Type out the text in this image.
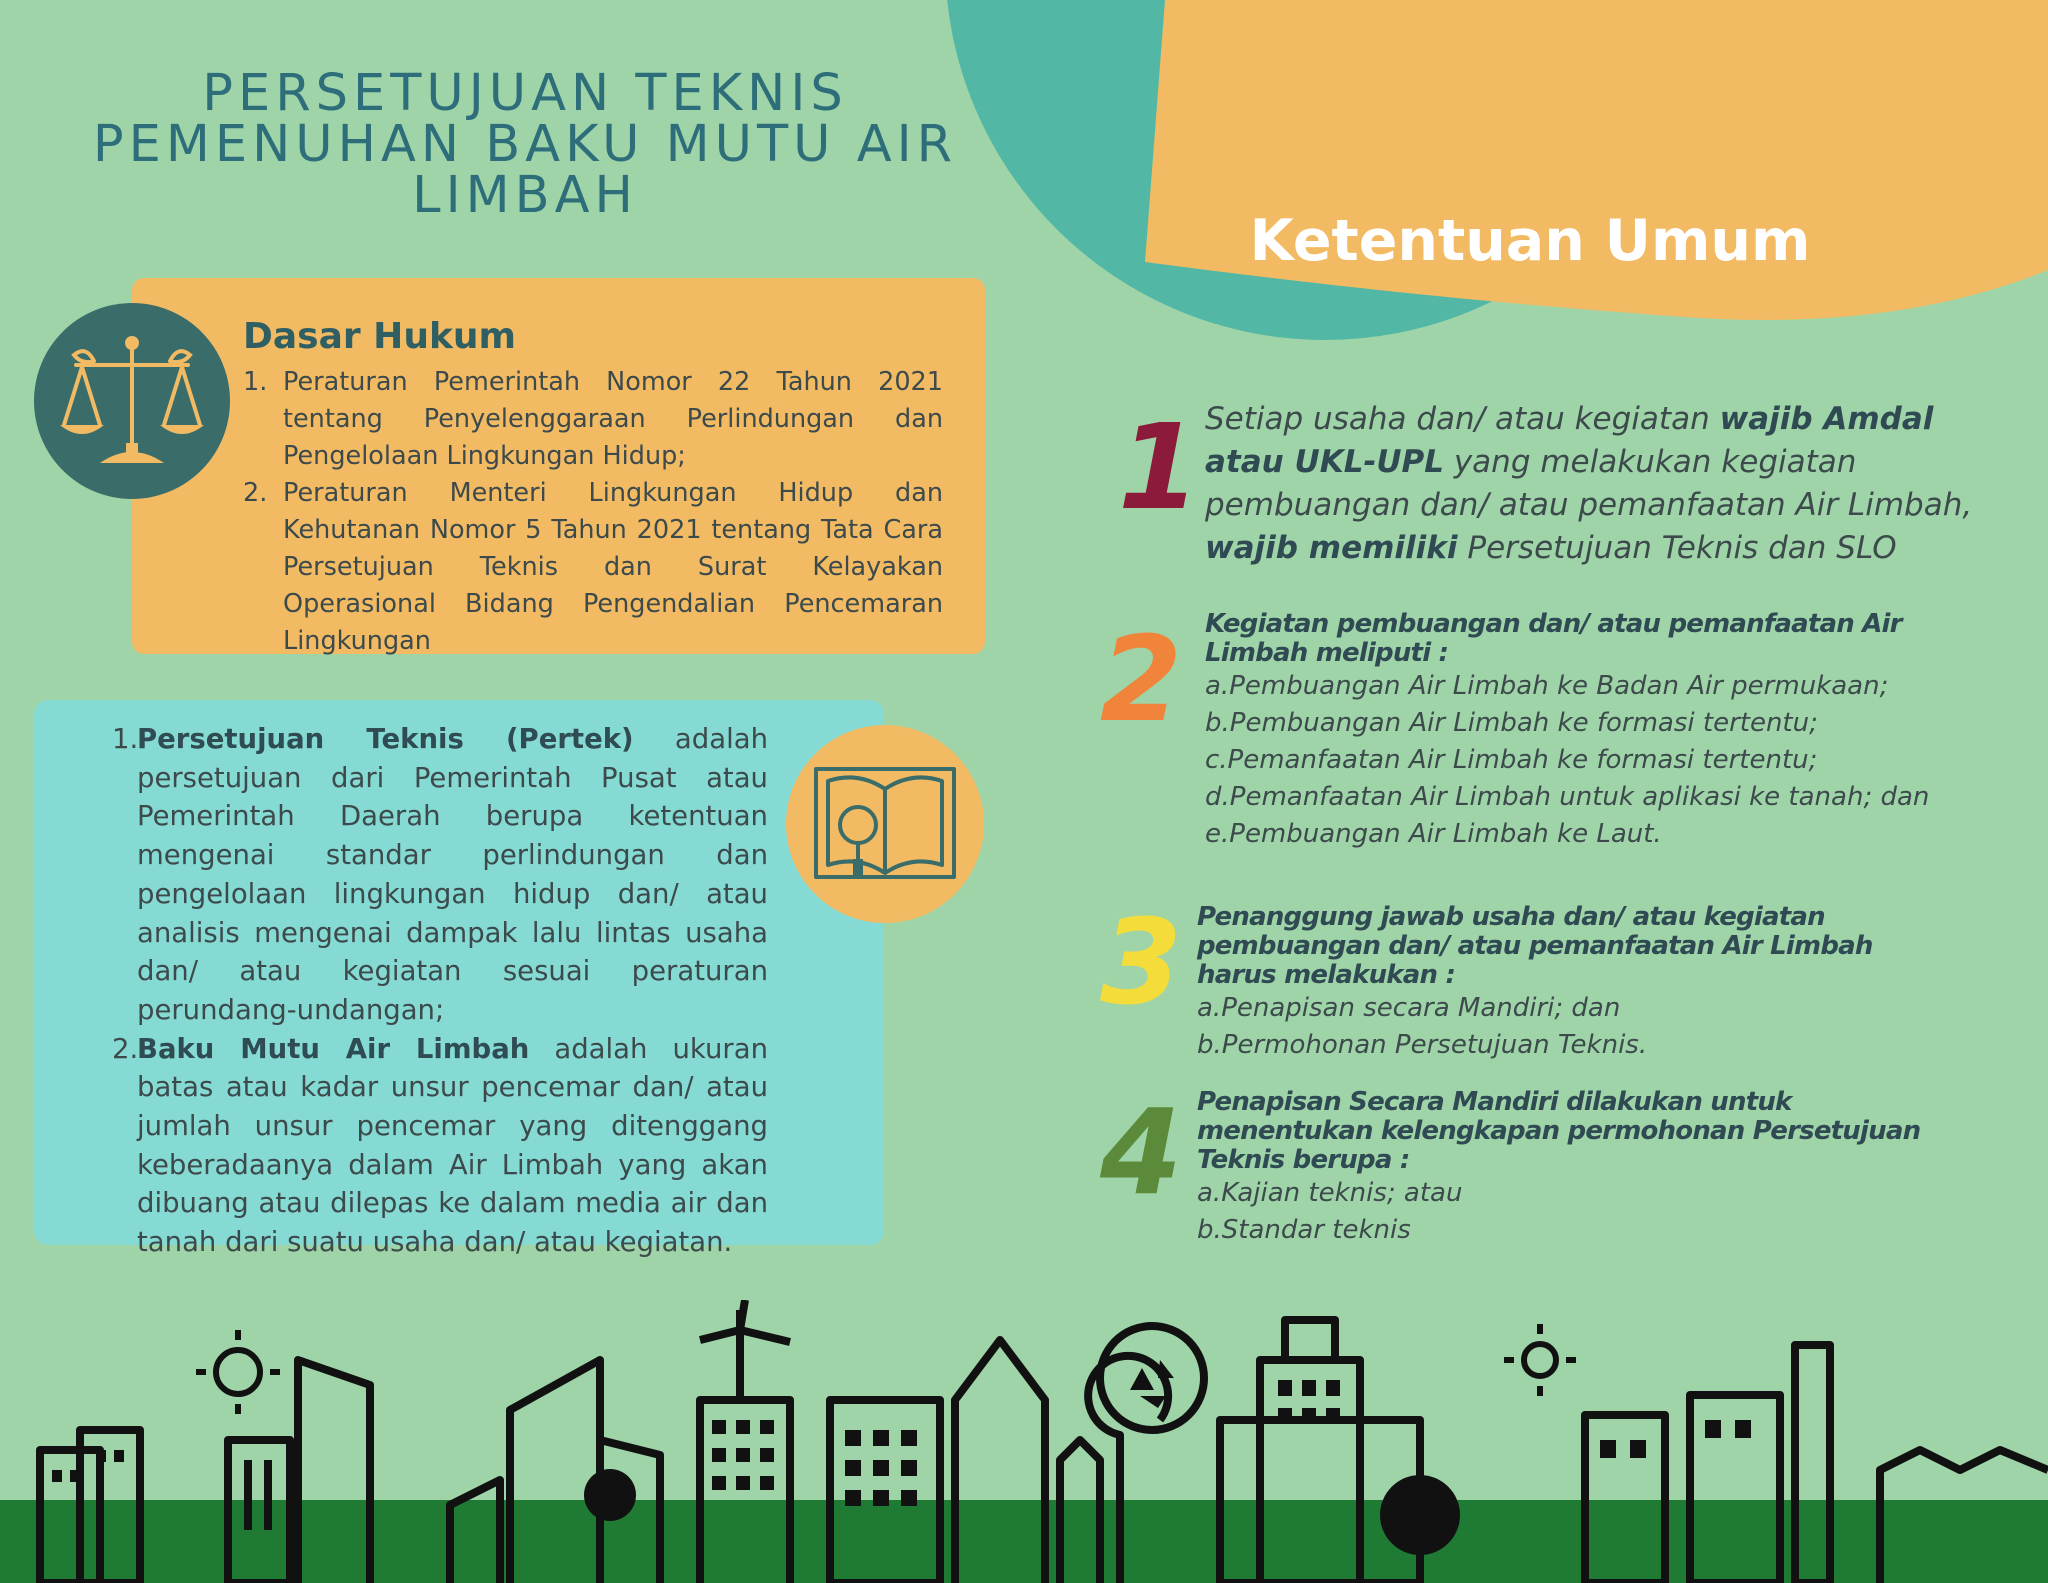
PERSETUJUAN TEKNIS
PEMENUHAN BAKU MUTU AIR
LIMBAH
Ketentuan Umum
Dasar Hukum
1. Peraturan Pemerintah Nomor 22 Tahun 2021 tentang Penyelenggaraan Perlindungan dan Pengelolaan Lingkungan Hidup;
2. Peraturan Menteri Lingkungan Hidup dan Kehutanan Nomor 5 Tahun 2021 tentang Tata Cara Persetujuan Teknis dan Surat Kelayakan Operasional Bidang Pengendalian Pencemaran Lingkungan
1.
Persetujuan Teknis (Pertek) adalah persetujuan dari Pemerintah Pusat atau Pemerintah Daerah berupa ketentuan mengenai standar perlindungan dan pengelolaan lingkungan hidup dan/ atau analisis mengenai dampak lalu lintas usaha dan/ atau kegiatan sesuai peraturan perundang-undangan;
2.
Baku Mutu Air Limbah adalah ukuran batas atau kadar unsur pencemar dan/ atau jumlah unsur pencemar yang ditenggang keberadaanya dalam Air Limbah yang akan dibuang atau dilepas ke dalam media air dan tanah dari suatu usaha dan/ atau kegiatan.
1 Setiap usaha dan/ atau kegiatan wajib Amdal atau UKL-UPL yang melakukan kegiatan pembuangan dan/ atau pemanfaatan Air Limbah, wajib memiliki Persetujuan Teknis dan SLO
2 Kegiatan pembuangan dan/ atau pemanfaatan Air Limbah meliputi :
a.Pembuangan Air Limbah ke Badan Air permukaan;
b.Pembuangan Air Limbah ke formasi tertentu;
c.Pemanfaatan Air Limbah ke formasi tertentu;
d.Pemanfaatan Air Limbah untuk aplikasi ke tanah; dan
e.Pembuangan Air Limbah ke Laut.
3 Penanggung jawab usaha dan/ atau kegiatan pembuangan dan/ atau pemanfaatan Air Limbah harus melakukan :
a.Penapisan secara Mandiri; dan
b.Permohonan Persetujuan Teknis.
4 Penapisan Secara Mandiri dilakukan untuk menentukan kelengkapan permohonan Persetujuan Teknis berupa :
a.Kajian teknis; atau
b.Standar teknis
